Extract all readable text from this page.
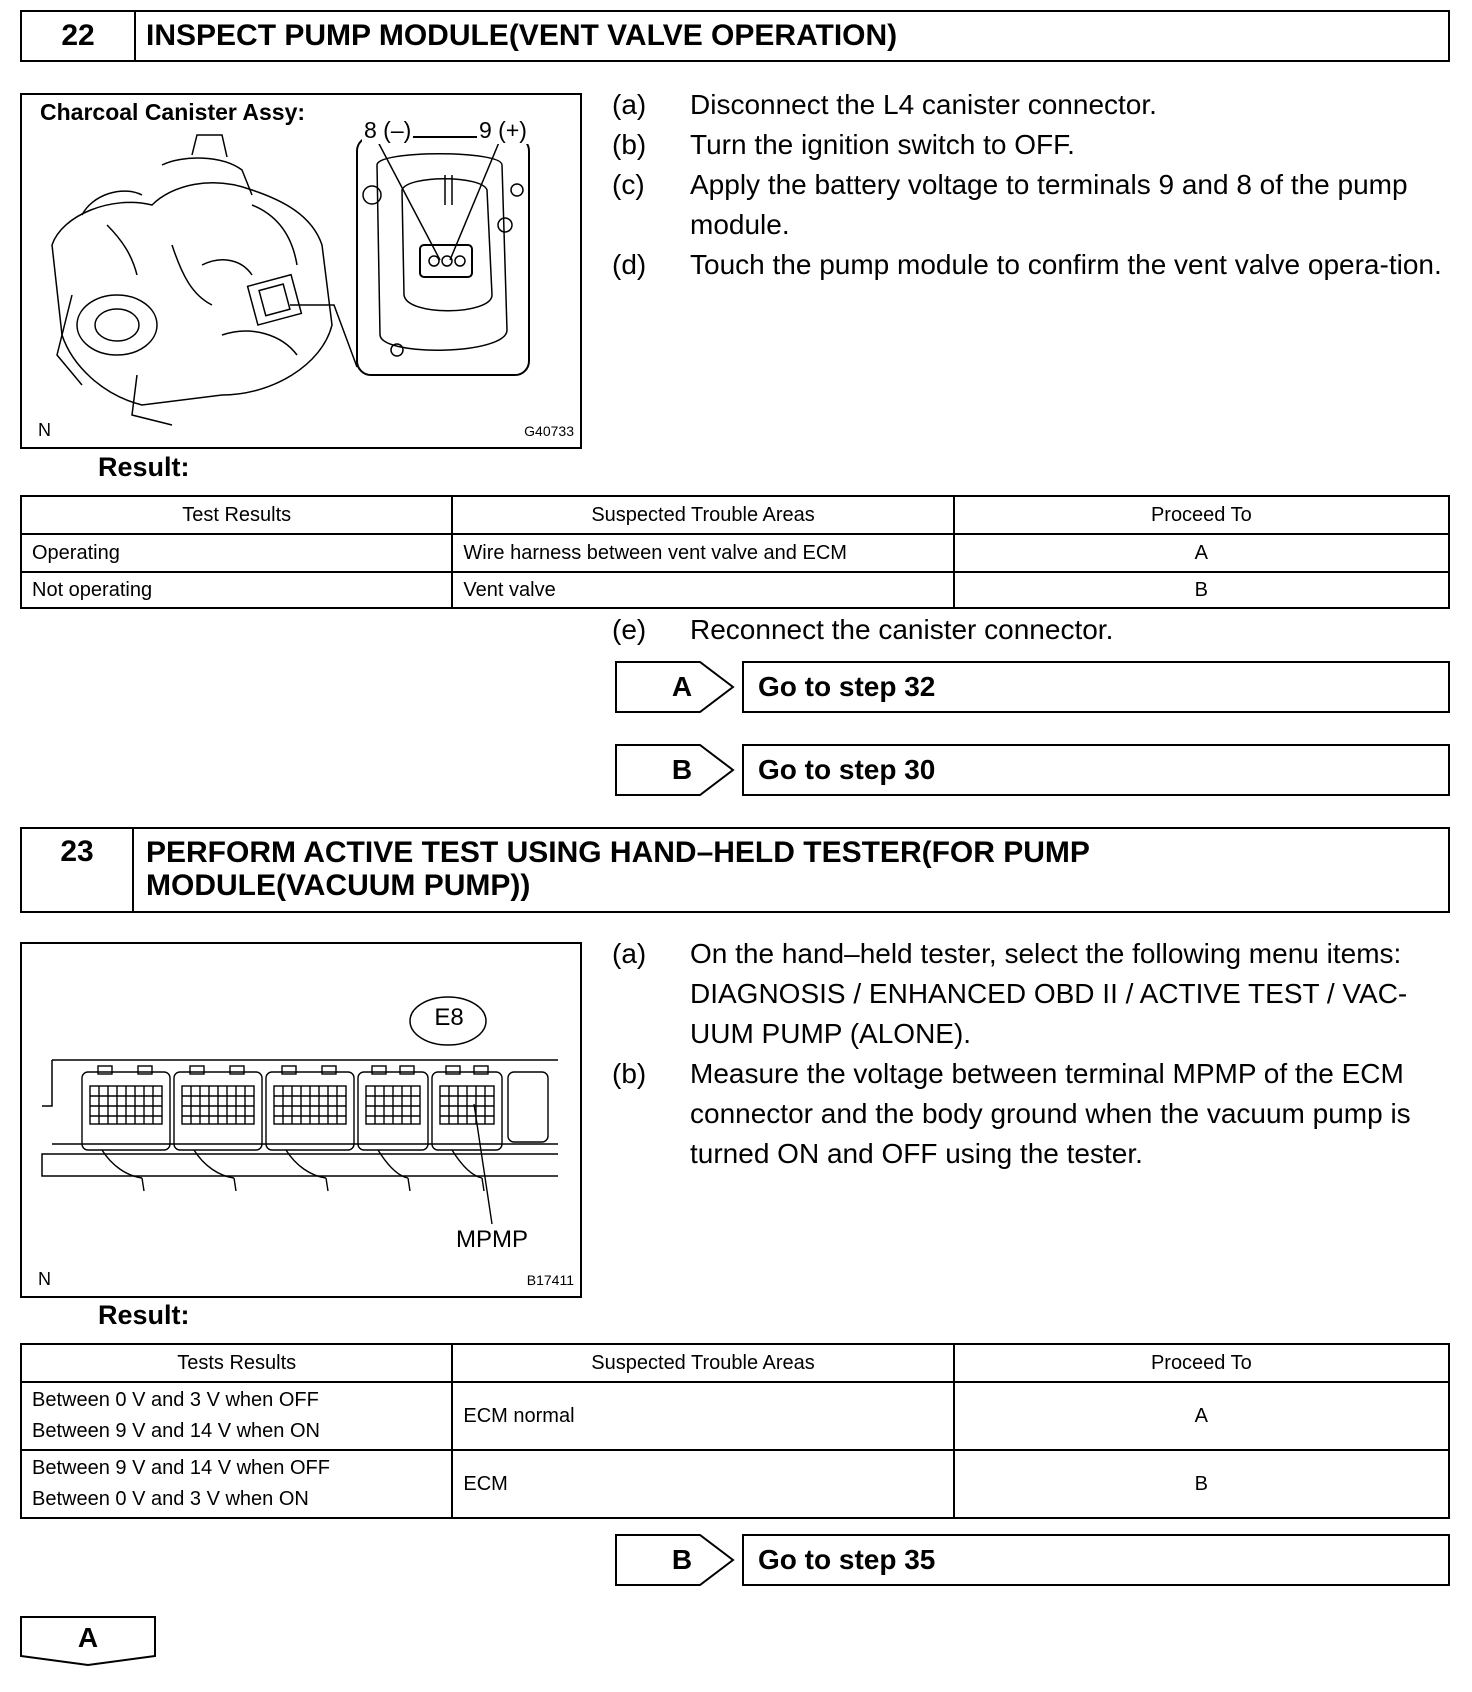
22	INSPECT PUMP MODULE(VENT VALVE OPERATION)
Charcoal Canister Assy:
8 (–)	9 (+)
N	G40733
(a)	Disconnect the L4 canister connector.
(b)	Turn the ignition switch to OFF.
(c)	Apply the battery voltage to terminals 9 and 8 of the pump module.
(d)	Touch the pump module to confirm the vent valve opera-tion.
Result:
Test Results	Suspected Trouble Areas	Proceed To
Operating	Wire harness between vent valve and ECM	A
Not operating	Vent valve	B
(e)	Reconnect the canister connector.
A	Go to step 32
B	Go to step 30
23	PERFORM ACTIVE TEST USING HAND–HELD TESTER(FOR PUMP MODULE(VACUUM PUMP))
E8
MPMP
N	B17411
(a)	On the hand–held tester, select the following menu items: DIAGNOSIS / ENHANCED OBD II / ACTIVE TEST / VAC-UUM PUMP (ALONE).
(b)	Measure the voltage between terminal MPMP of the ECM connector and the body ground when the vacuum pump is turned ON and OFF using the tester.
Result:
Tests Results	Suspected Trouble Areas	Proceed To

Between 0 V and 3 V when OFF
Between 9 V and 14 V when ON	ECM normal	A

Between 9 V and 14 V when OFF
Between 0 V and 3 V when ON	ECM	B
B	Go to step 35
A
